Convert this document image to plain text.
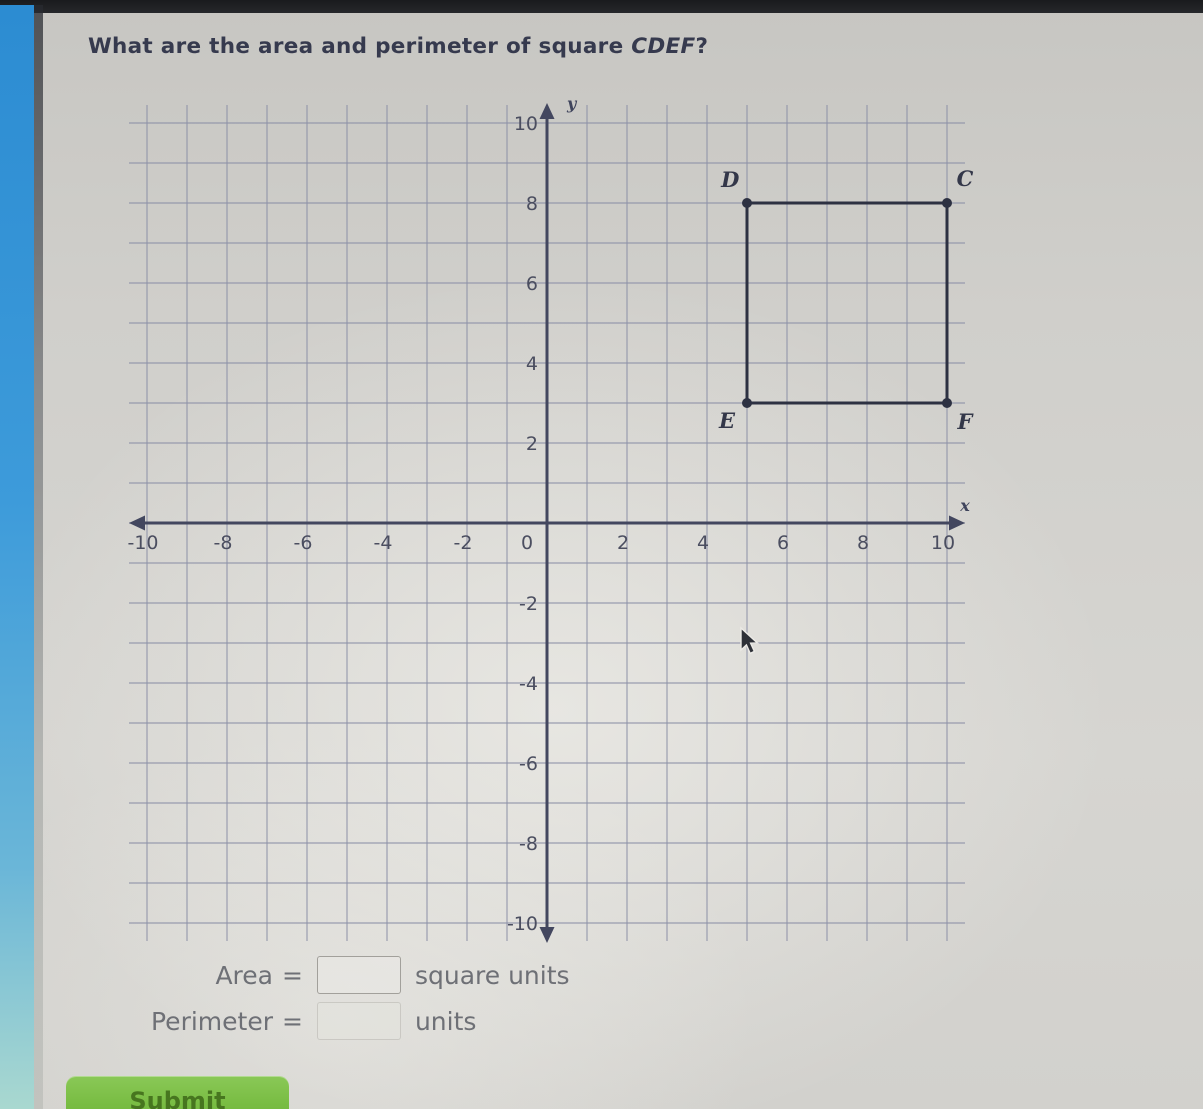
What are the area and perimeter of square CDEF?
-10	-8	-6	-4	-2	0	2	4	6	8	10
10
8
6
4
2
-2
-4
-6
-8
-10
x
y
C
D
E	F
Area =	square units
Perimeter =	units
Submit
